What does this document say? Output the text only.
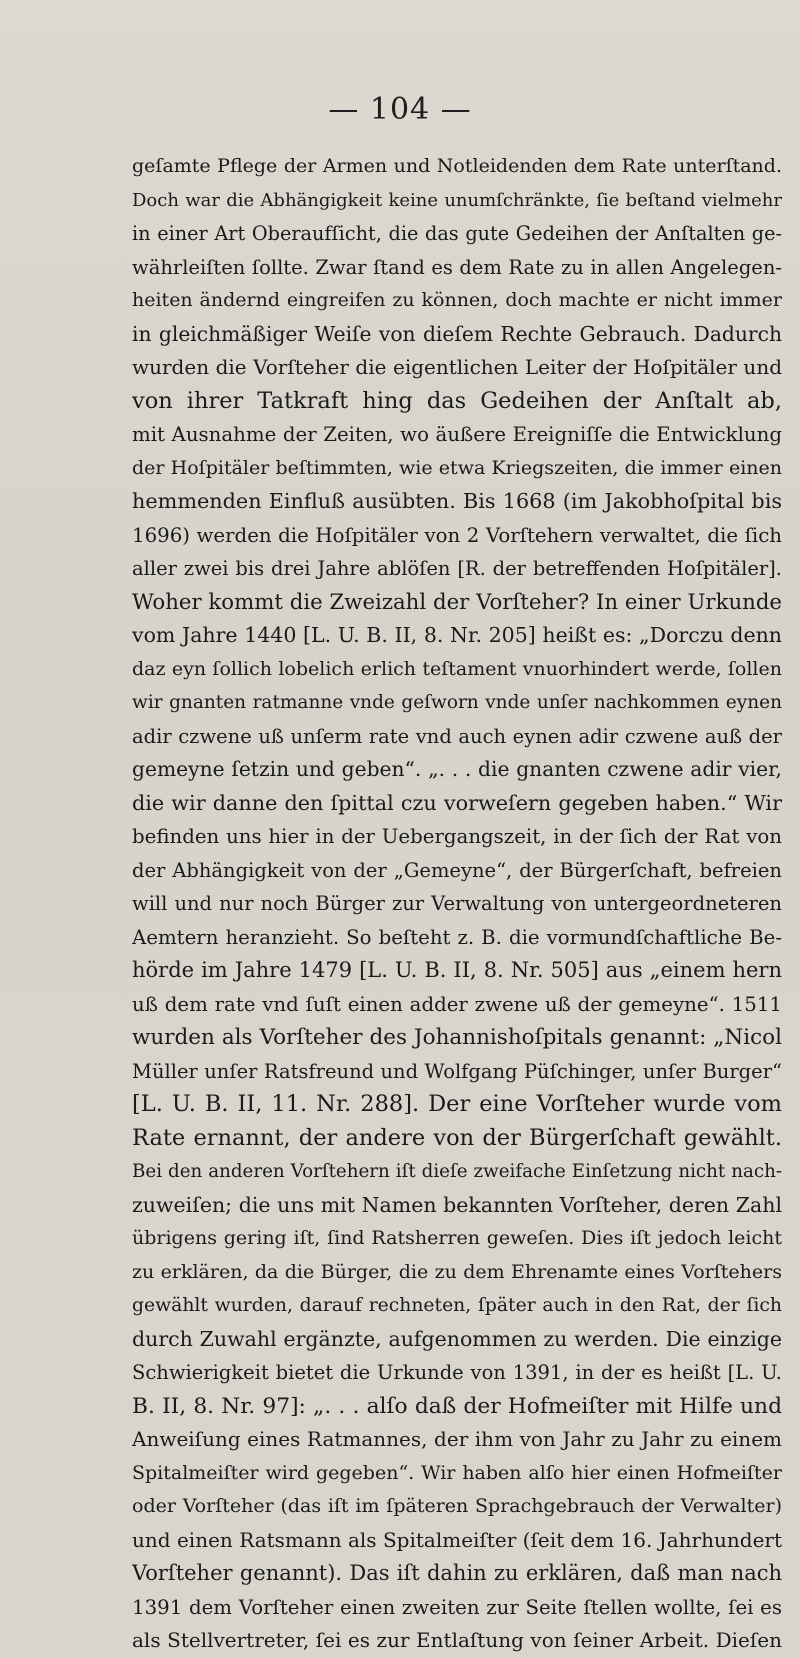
— 104 —
geſamte Pflege der Armen und Notleidenden dem Rate unterſtand.
Doch war die Abhängigkeit keine unumſchränkte, ſie beſtand vielmehr
in einer Art Oberaufſicht, die das gute Gedeihen der Anſtalten ge-
währleiſten ſollte. Zwar ſtand es dem Rate zu in allen Angelegen-
heiten ändernd eingreifen zu können, doch machte er nicht immer
in gleichmäßiger Weiſe von dieſem Rechte Gebrauch. Dadurch
wurden die Vorſteher die eigentlichen Leiter der Hoſpitäler und
von ihrer Tatkraft hing das Gedeihen der Anſtalt ab,
mit Ausnahme der Zeiten, wo äußere Ereigniſſe die Entwicklung
der Hoſpitäler beſtimmten, wie etwa Kriegszeiten, die immer einen
hemmenden Einfluß ausübten. Bis 1668 (im Jakobhoſpital bis
1696) werden die Hoſpitäler von 2 Vorſtehern verwaltet, die ſich
aller zwei bis drei Jahre ablöſen [R. der betreffenden Hoſpitäler].
Woher kommt die Zweizahl der Vorſteher? In einer Urkunde
vom Jahre 1440 [L. U. B. II, 8. Nr. 205] heißt es: „Dorczu denn
daz eyn ſollich lobelich erlich teſtament vnuorhindert werde, ſollen
wir gnanten ratmanne vnde geſworn vnde unſer nachkommen eynen
adir czwene uß unſerm rate vnd auch eynen adir czwene auß der
gemeyne ſetzin und geben“. „. . . die gnanten czwene adir vier,
die wir danne den ſpittal czu vorweſern gegeben haben.“ Wir
befinden uns hier in der Uebergangszeit, in der ſich der Rat von
der Abhängigkeit von der „Gemeyne“, der Bürgerſchaft, befreien
will und nur noch Bürger zur Verwaltung von untergeordneteren
Aemtern heranzieht. So beſteht z. B. die vormundſchaftliche Be-
hörde im Jahre 1479 [L. U. B. II, 8. Nr. 505] aus „einem hern
uß dem rate vnd ſuſt einen adder zwene uß der gemeyne“. 1511
wurden als Vorſteher des Johannishoſpitals genannt: „Nicol
Müller unſer Ratsfreund und Wolfgang Püſchinger, unſer Burger“
[L. U. B. II, 11. Nr. 288]. Der eine Vorſteher wurde vom
Rate ernannt, der andere von der Bürgerſchaft gewählt.
Bei den anderen Vorſtehern iſt dieſe zweifache Einſetzung nicht nach-
zuweiſen; die uns mit Namen bekannten Vorſteher, deren Zahl
übrigens gering iſt, ſind Ratsherren geweſen. Dies iſt jedoch leicht
zu erklären, da die Bürger, die zu dem Ehrenamte eines Vorſtehers
gewählt wurden, darauf rechneten, ſpäter auch in den Rat, der ſich
durch Zuwahl ergänzte, aufgenommen zu werden. Die einzige
Schwierigkeit bietet die Urkunde von 1391, in der es heißt [L. U.
B. II, 8. Nr. 97]: „. . . alſo daß der Hofmeiſter mit Hilfe und
Anweiſung eines Ratmannes, der ihm von Jahr zu Jahr zu einem
Spitalmeiſter wird gegeben“. Wir haben alſo hier einen Hofmeiſter
oder Vorſteher (das iſt im ſpäteren Sprachgebrauch der Verwalter)
und einen Ratsmann als Spitalmeiſter (ſeit dem 16. Jahrhundert
Vorſteher genannt). Das iſt dahin zu erklären, daß man nach
1391 dem Vorſteher einen zweiten zur Seite ſtellen wollte, ſei es
als Stellvertreter, ſei es zur Entlaſtung von ſeiner Arbeit. Dieſen
